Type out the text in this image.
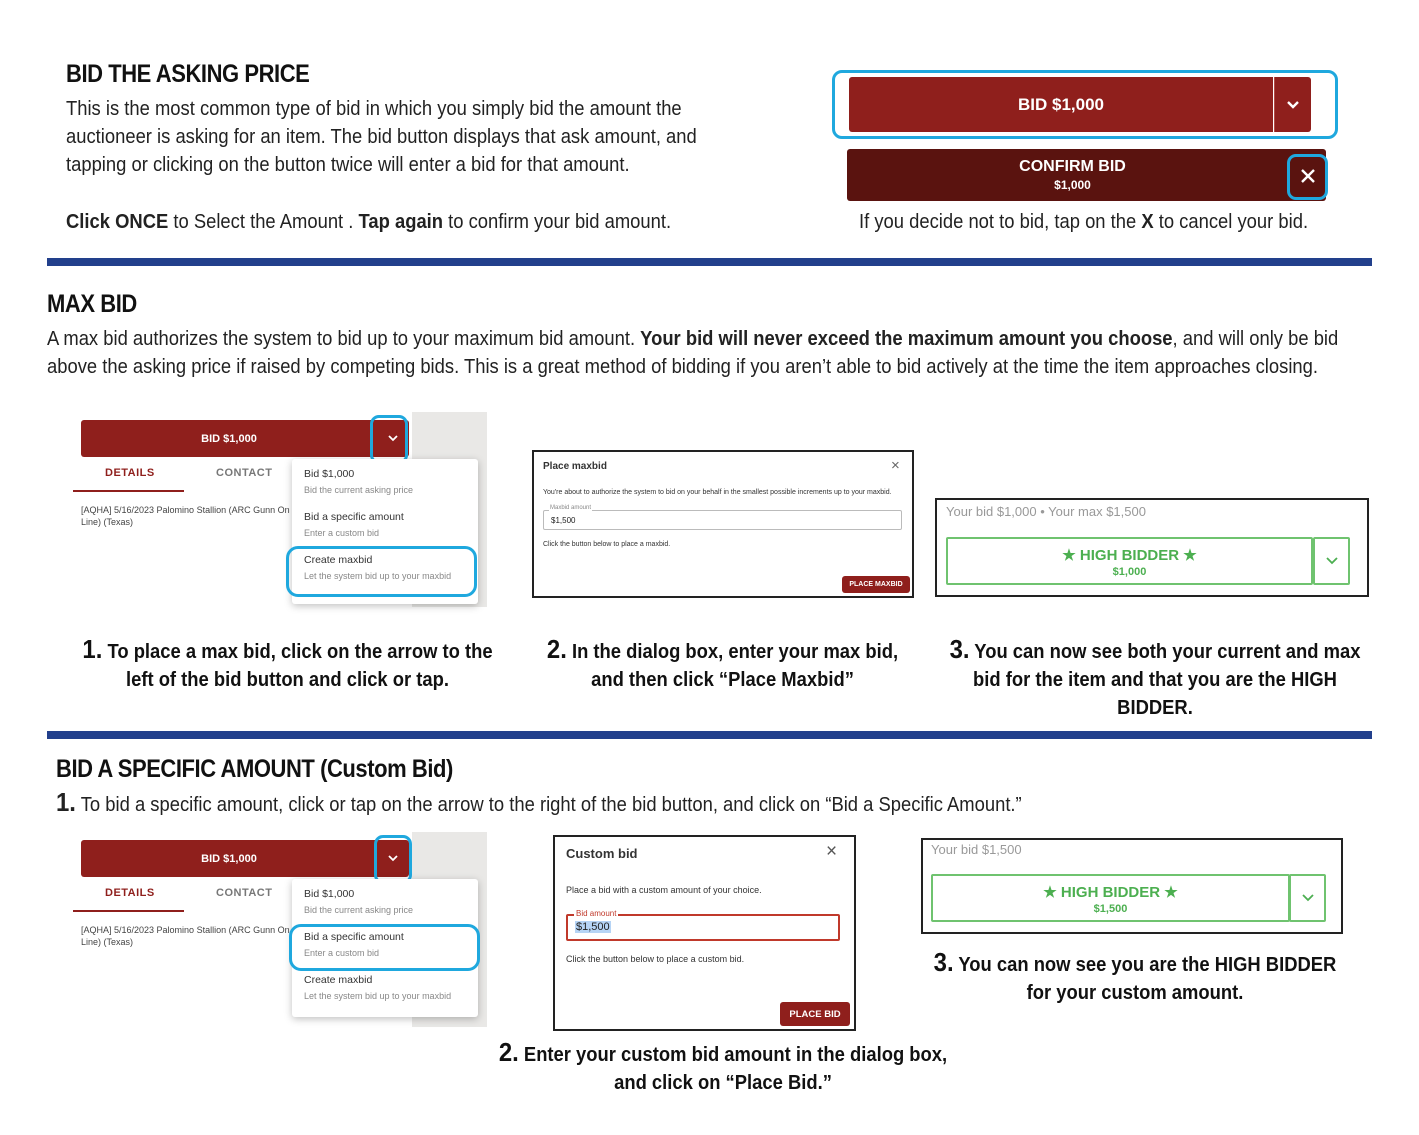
BID THE ASKING PRICE
This is the most common type of bid in which you simply bid the amount the auctioneer is asking for an item. The bid button displays that ask amount, and tapping or clicking on the button twice will enter a bid for that amount.
Click ONCE to Select the Amount . Tap again to confirm your bid amount.
BID $1,000
CONFIRM BID
$1,000
If you decide not to bid, tap on the X to cancel your bid.
MAX BID
A max bid authorizes the system to bid up to your maximum bid amount. Your bid will never exceed the maximum amount you choose, and will only be bid above the asking price if raised by competing bids. This is a great method of bidding if you aren’t able to bid actively at the time the item approaches closing.
BID $1,000
DETAILS	CONTACT
[AQHA] 5/16/2023 Palomino Stallion (ARC Gunn On Line) (Texas)
Bid $1,000
Bid the current asking price
Bid a specific amount
Enter a custom bid
Create maxbid
Let the system bid up to your maxbid
Place maxbid	×
You're about to authorize the system to bid on your behalf in the smallest possible increments up to your maxbid.
Maxbid amount
$1,500
Click the button below to place a maxbid.
PLACE MAXBID
Your bid $1,000 • Your max $1,500
★ HIGH BIDDER ★
$1,000
1. To place a max bid, click on the arrow to the left of the bid button and click or tap.
2. In the dialog box, enter your max bid, and then click “Place Maxbid”
3. You can now see both your current and max bid for the item and that you are the HIGH BIDDER.
BID A SPECIFIC AMOUNT (Custom Bid)
1. To bid a specific amount, click or tap on the arrow to the right of the bid button, and click on “Bid a Specific Amount.”
BID $1,000
DETAILS	CONTACT
[AQHA] 5/16/2023 Palomino Stallion (ARC Gunn On Line) (Texas)
Bid $1,000
Bid the current asking price
Bid a specific amount
Enter a custom bid
Create maxbid
Let the system bid up to your maxbid
Custom bid	×
Place a bid with a custom amount of your choice.
Bid amount
$1,500
Click the button below to place a custom bid.
PLACE BID
Your bid $1,500
★ HIGH BIDDER ★
$1,500
2. Enter your custom bid amount in the dialog box, and click on “Place Bid.”
3. You can now see you are the HIGH BIDDER for your custom amount.
